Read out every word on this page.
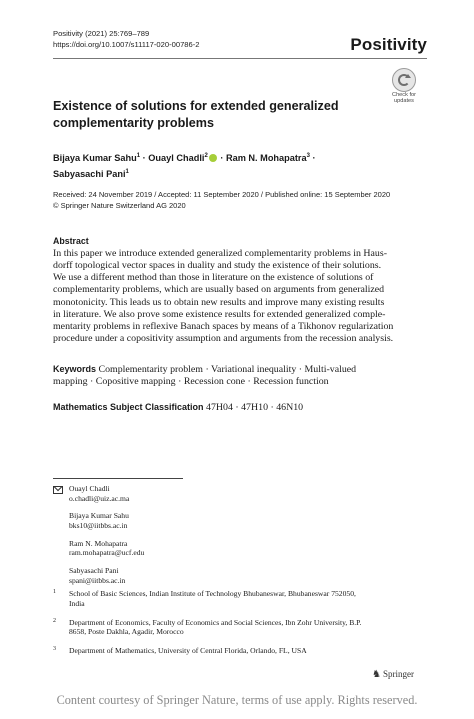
Positivity (2021) 25:769–789
https://doi.org/10.1007/s11117-020-00786-2	Positivity
Check for
updates
Existence of solutions for extended generalized
complementarity problems
Bijaya Kumar Sahu$^1$ · Ouayl Chadli$^2$ · Ram N. Mohapatra$^3$ ·
Sabyasachi Pani$^1$
Received: 24 November 2019 / Accepted: 11 September 2020 / Published online: 15 September 2020
© Springer Nature Switzerland AG 2020
Abstract
In this paper we introduce extended generalized complementarity problems in Haus-
dorff topological vector spaces in duality and study the existence of their solutions.
We use a different method than those in literature on the existence of solutions of
complementarity problems, which are usually based on arguments from generalized
monotonicity. This leads us to obtain new results and improve many existing results
in literature. We also prove some existence results for extended generalized comple-
mentarity problems in reflexive Banach spaces by means of a Tikhonov regularization
procedure under a copositivity assumption and arguments from the recession analysis.
Keywords Complementarity problem · Variational inequality · Multi-valued
mapping · Copositive mapping · Recession cone · Recession function
Mathematics Subject Classification 47H04 · 47H10 · 46N10
Ouayl Chadli
o.chadli@uiz.ac.ma
Bijaya Kumar Sahu
bks10@iitbbs.ac.in
Ram N. Mohapatra
ram.mohapatra@ucf.edu
Sabyasachi Pani
spani@iitbbs.ac.in
1 School of Basic Sciences, Indian Institute of Technology Bhubaneswar, Bhubaneswar 752050,
India
2 Department of Economics, Faculty of Economics and Social Sciences, Ibn Zohr University, B.P.
8658, Poste Dakhla, Agadir, Morocco
3 Department of Mathematics, University of Central Florida, Orlando, FL, USA
♞ Springer
Content courtesy of Springer Nature, terms of use apply. Rights reserved.
